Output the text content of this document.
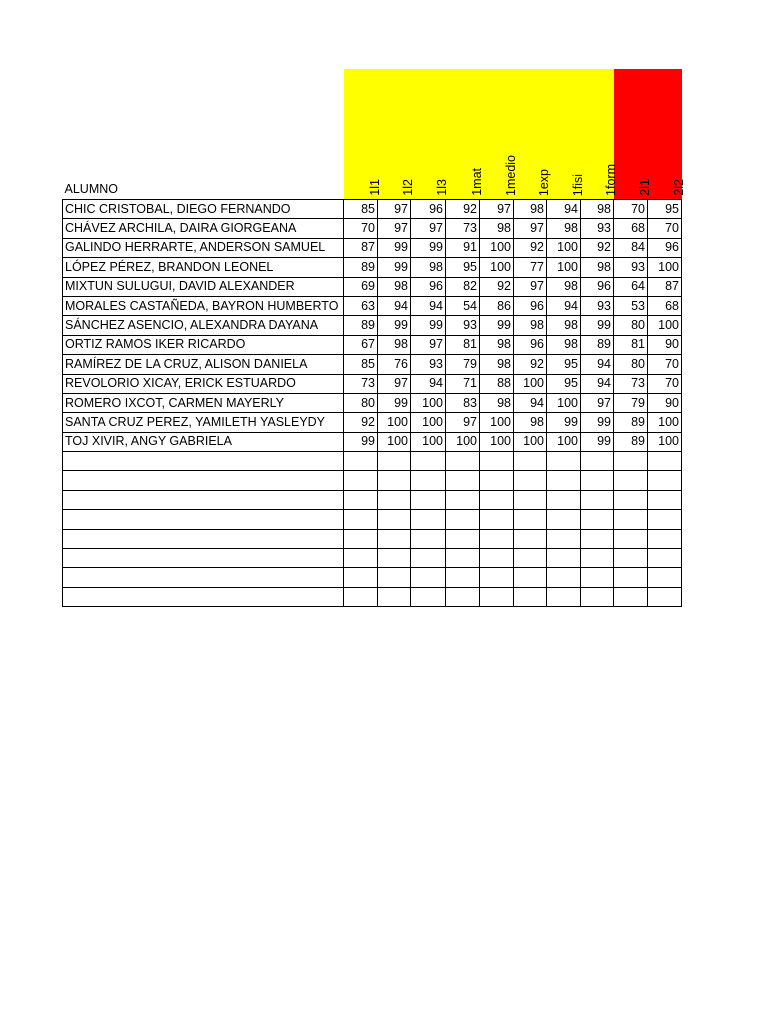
ALUMNO	1l1	1l2	1l3	1mat	1medio	1exp	1fisi	1form	2l1	2l2

CHIC CRISTOBAL, DIEGO FERNANDO	85	97	96	92	97	98	94	98	70	95
CHÁVEZ ARCHILA, DAIRA GIORGEANA	70	97	97	73	98	97	98	93	68	70
GALINDO HERRARTE, ANDERSON SAMUEL	87	99	99	91	100	92	100	92	84	96
LÓPEZ PÉREZ, BRANDON LEONEL	89	99	98	95	100	77	100	98	93	100
MIXTUN SULUGUI, DAVID ALEXANDER	69	98	96	82	92	97	98	96	64	87
MORALES CASTAÑEDA, BAYRON HUMBERTO	63	94	94	54	86	96	94	93	53	68
SÁNCHEZ ASENCIO, ALEXANDRA DAYANA	89	99	99	93	99	98	98	99	80	100
ORTIZ RAMOS IKER RICARDO	67	98	97	81	98	96	98	89	81	90
RAMÍREZ DE LA CRUZ, ALISON DANIELA	85	76	93	79	98	92	95	94	80	70
REVOLORIO XICAY, ERICK ESTUARDO	73	97	94	71	88	100	95	94	73	70
ROMERO IXCOT, CARMEN MAYERLY	80	99	100	83	98	94	100	97	79	90
SANTA CRUZ PEREZ, YAMILETH YASLEYDY	92	100	100	97	100	98	99	99	89	100
TOJ XIVIR, ANGY GABRIELA	99	100	100	100	100	100	100	99	89	100
